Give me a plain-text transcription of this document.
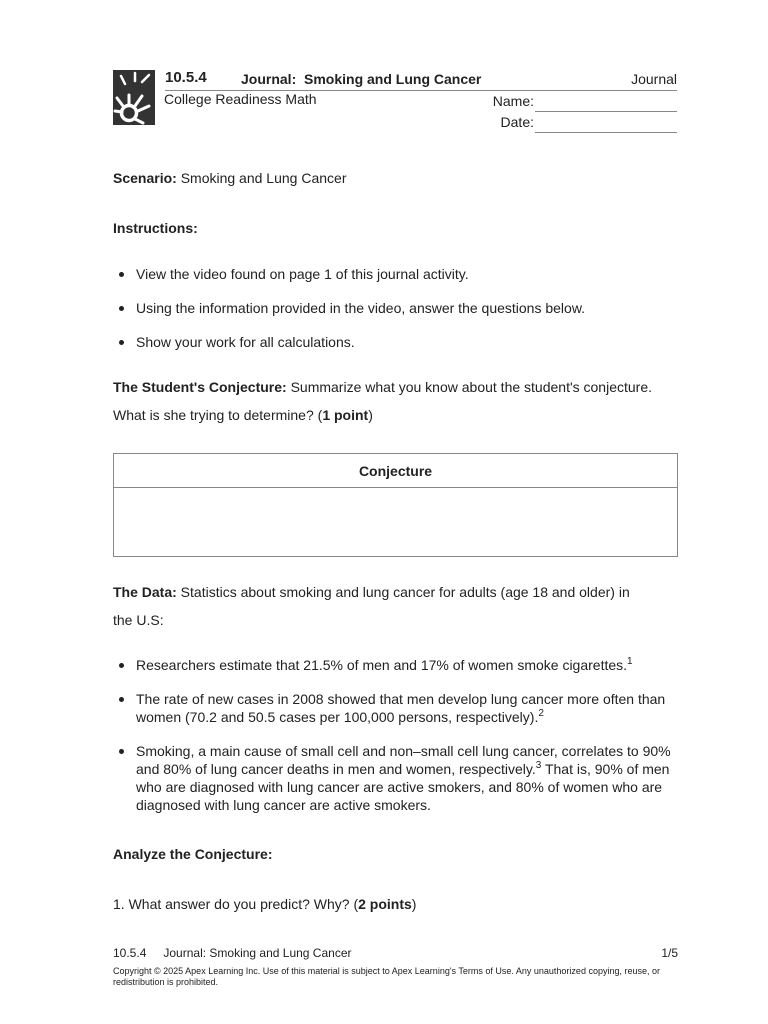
10.5.4 Journal:  Smoking and Lung Cancer	Journal
College Readiness Math	Name:
Date:
Scenario: Smoking and Lung Cancer
Instructions:
View the video found on page 1 of this journal activity.
Using the information provided in the video, answer the questions below.
Show your work for all calculations.
The Student's Conjecture: Summarize what you know about the student's conjecture.
What is she trying to determine? (1 point)
Conjecture
The Data: Statistics about smoking and lung cancer for adults (age 18 and older) in
the U.S:
Researchers estimate that 21.5% of men and 17% of women smoke cigarettes.$^1$
The rate of new cases in 2008 showed that men develop lung cancer more often than women (70.2 and 50.5 cases per 100,000 persons, respectively).$^2$
Smoking, a main cause of small cell and non–small cell lung cancer, correlates to 90% and 80% of lung cancer deaths in men and women, respectively.$^3$ That is, 90% of men who are diagnosed with lung cancer are active smokers, and 80% of women who are diagnosed with lung cancer are active smokers.
Analyze the Conjecture:
1. What answer do you predict? Why? (2 points)
10.5.4 Journal: Smoking and Lung Cancer	1/5
Copyright © 2025 Apex Learning Inc. Use of this material is subject to Apex Learning's Terms of Use. Any unauthorized copying, reuse, or redistribution is prohibited.
